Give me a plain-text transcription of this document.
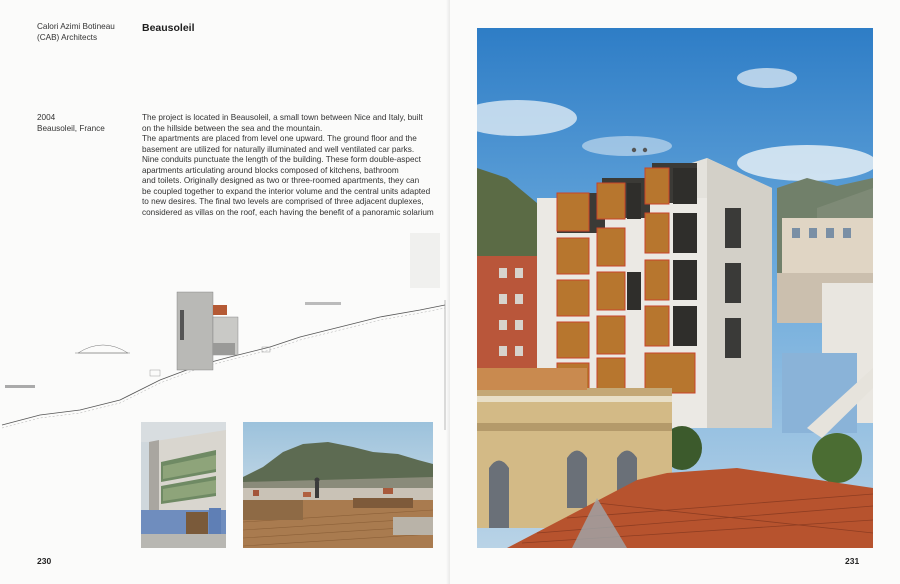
Calori Azimi Botineau
(CAB) Architects
Beausoleil
2004
Beausoleil, France

The project is located in Beausoleil, a small town between Nice and Italy, built

on the hillside between the sea and the mountain.

The apartments are placed from level one upward. The ground floor and the

basement are utilized for naturally illuminated and well ventilated car parks.

Nine conduits punctuate the length of the building. These form double-aspect

apartments articulating around blocks composed of kitchens, bathroom

and toilets. Originally designed as two or three-roomed apartments, they can

be coupled together to expand the interior volume and the central units adapted

to new desires. The final two levels are comprised of three adjacent duplexes,

considered as villas on the roof, each having the benefit of a panoramic solarium

230	231
